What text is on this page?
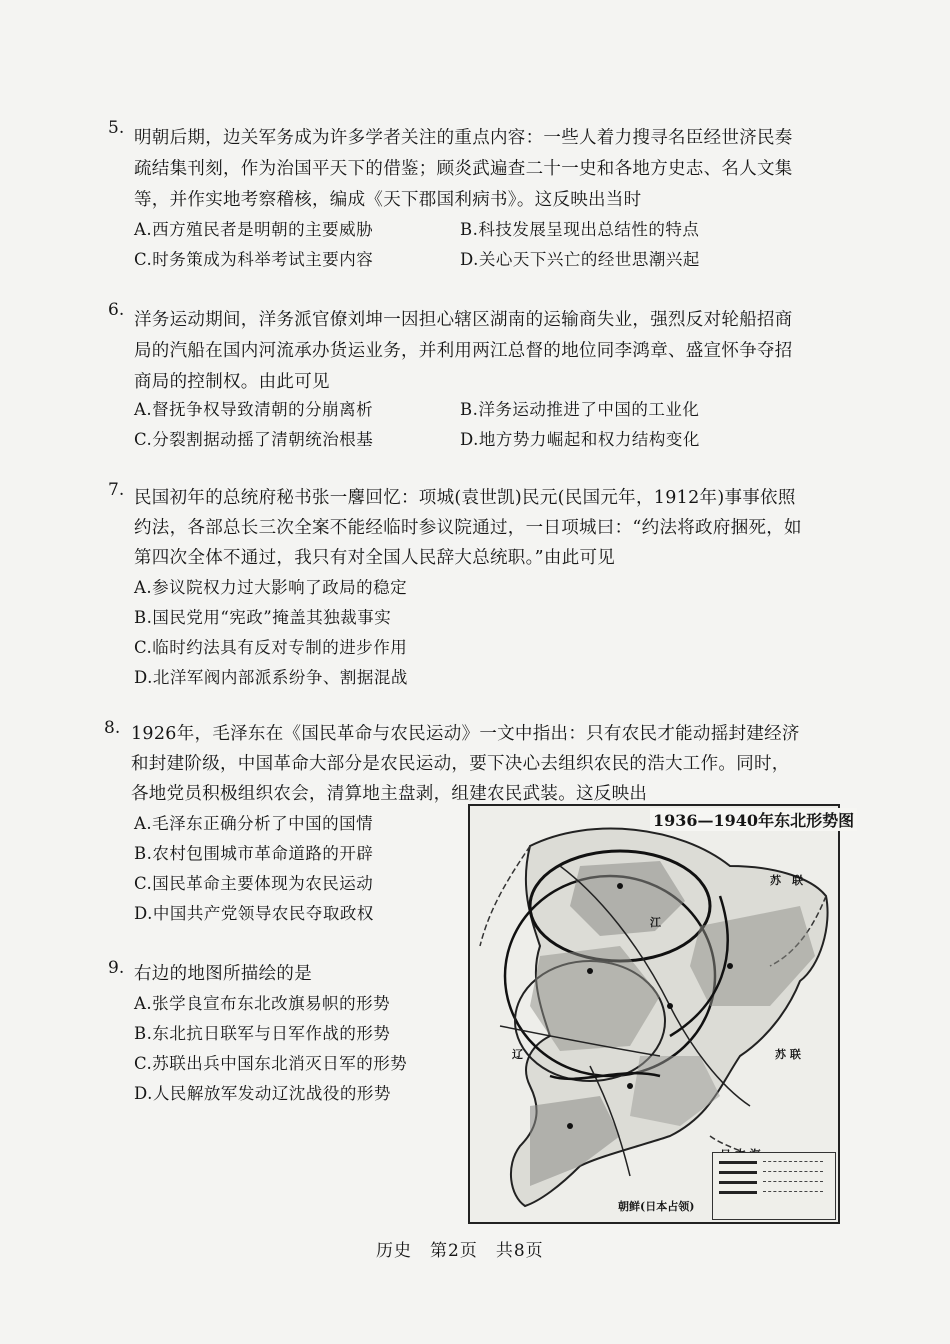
5. 明朝后期，边关军务成为许多学者关注的重点内容：一些人着力搜寻名臣经世济民奏
疏结集刊刻，作为治国平天下的借鉴；顾炎武遍查二十一史和各地方史志、名人文集
等，并作实地考察稽核，编成《天下郡国利病书》。这反映出当时
A.西方殖民者是明朝的主要威胁	B.科技发展呈现出总结性的特点
C.时务策成为科举考试主要内容	D.关心天下兴亡的经世思潮兴起
6. 洋务运动期间，洋务派官僚刘坤一因担心辖区湖南的运输商失业，强烈反对轮船招商
局的汽船在国内河流承办货运业务，并利用两江总督的地位同李鸿章、盛宣怀争夺招
商局的控制权。由此可见
A.督抚争权导致清朝的分崩离析	B.洋务运动推进了中国的工业化
C.分裂割据动摇了清朝统治根基	D.地方势力崛起和权力结构变化
7. 民国初年的总统府秘书张一麐回忆：项城(袁世凯)民元(民国元年，1912年)事事依照
约法，各部总长三次全案不能经临时参议院通过，一日项城曰：“约法将政府捆死，如
第四次全体不通过，我只有对全国人民辞大总统职。”由此可见
A.参议院权力过大影响了政局的稳定
B.国民党用“宪政”掩盖其独裁事实
C.临时约法具有反对专制的进步作用
D.北洋军阀内部派系纷争、割据混战
8. 1926年，毛泽东在《国民革命与农民运动》一文中指出：只有农民才能动摇封建经济
和封建阶级，中国革命大部分是农民运动，要下决心去组织农民的浩大工作。同时，
各地党员积极组织农会，清算地主盘剥，组建农民武装。这反映出
A.毛泽东正确分析了中国的国情
B.农村包围城市革命道路的开辟
C.国民革命主要体现为农民运动
D.中国共产党领导农民夺取政权
9. 右边的地图所描绘的是
A.张学良宣布东北改旗易帜的形势
B.东北抗日联军与日军作战的形势
C.苏联出兵中国东北消灭日军的形势
D.人民解放军发动辽沈战役的形势
1936—1940年东北形势图
苏　联
苏 联
江
辽
朝鲜(日本占领)
历史　第2页　共8页
